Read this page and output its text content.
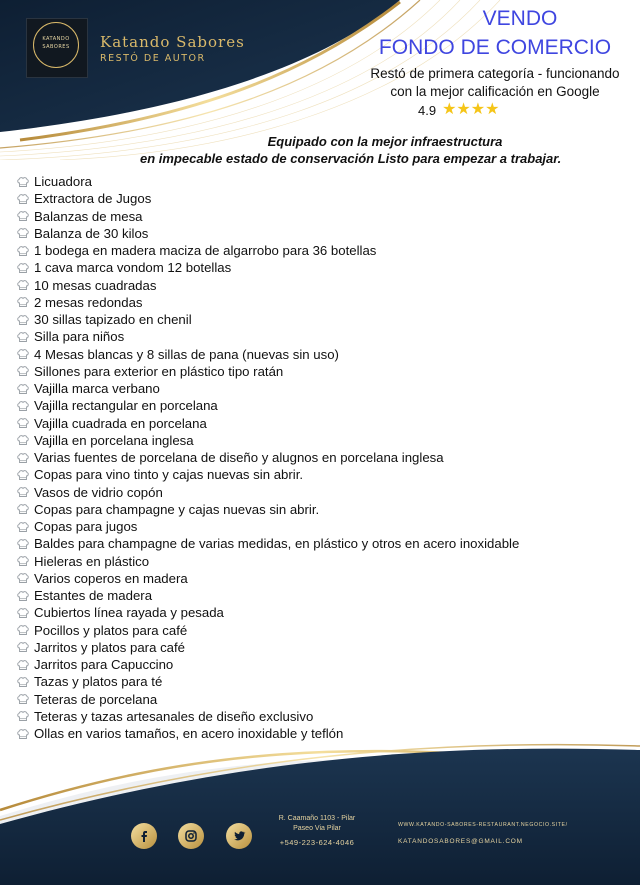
KATANDO
SABORES	Katando Sabores
RESTÓ DE AUTOR
VENDO
FONDO DE COMERCIO
Restó de primera categoría - funcionando
con la mejor calificación en Google
4.9 ★★★★
Equipado con la mejor infraestructura
en impecable estado de conservación Listo para empezar a trabajar.
Licuadora
Extractora de Jugos
Balanzas de mesa
Balanza de 30 kilos
1 bodega en madera maciza de algarrobo para 36 botellas
1 cava marca vondom 12 botellas
10 mesas cuadradas
2 mesas redondas
30 sillas tapizado en chenil
Silla para niños
4 Mesas blancas y 8 sillas de pana (nuevas sin uso)
Sillones para exterior en plástico tipo ratán
Vajilla marca verbano
Vajilla rectangular en porcelana
Vajilla cuadrada en porcelana
Vajilla en porcelana inglesa
Varias fuentes de porcelana de diseño y alugnos en porcelana inglesa
Copas para vino tinto y cajas nuevas sin abrir.
Vasos de vidrio copón
Copas para champagne y cajas nuevas sin abrir.
Copas para jugos
Baldes para champagne de varias medidas, en plástico y otros en acero inoxidable
Hieleras en plástico
Varios coperos en madera
Estantes de madera
Cubiertos línea rayada y pesada
Pocillos y platos para café
Jarritos y platos para café
Jarritos para Capuccino
Tazas y platos para té
Teteras de porcelana
Teteras y tazas artesanales de diseño exclusivo
Ollas en varios tamaños, en acero inoxidable y teflón
R. Caamaño 1103 - Pilar
Paseo Via Pilar
+549-223-624-4046
WWW.KATANDO-SABORES-RESTAURANT.NEGOCIO.SITE/
KATANDOSABORES@GMAIL.COM
